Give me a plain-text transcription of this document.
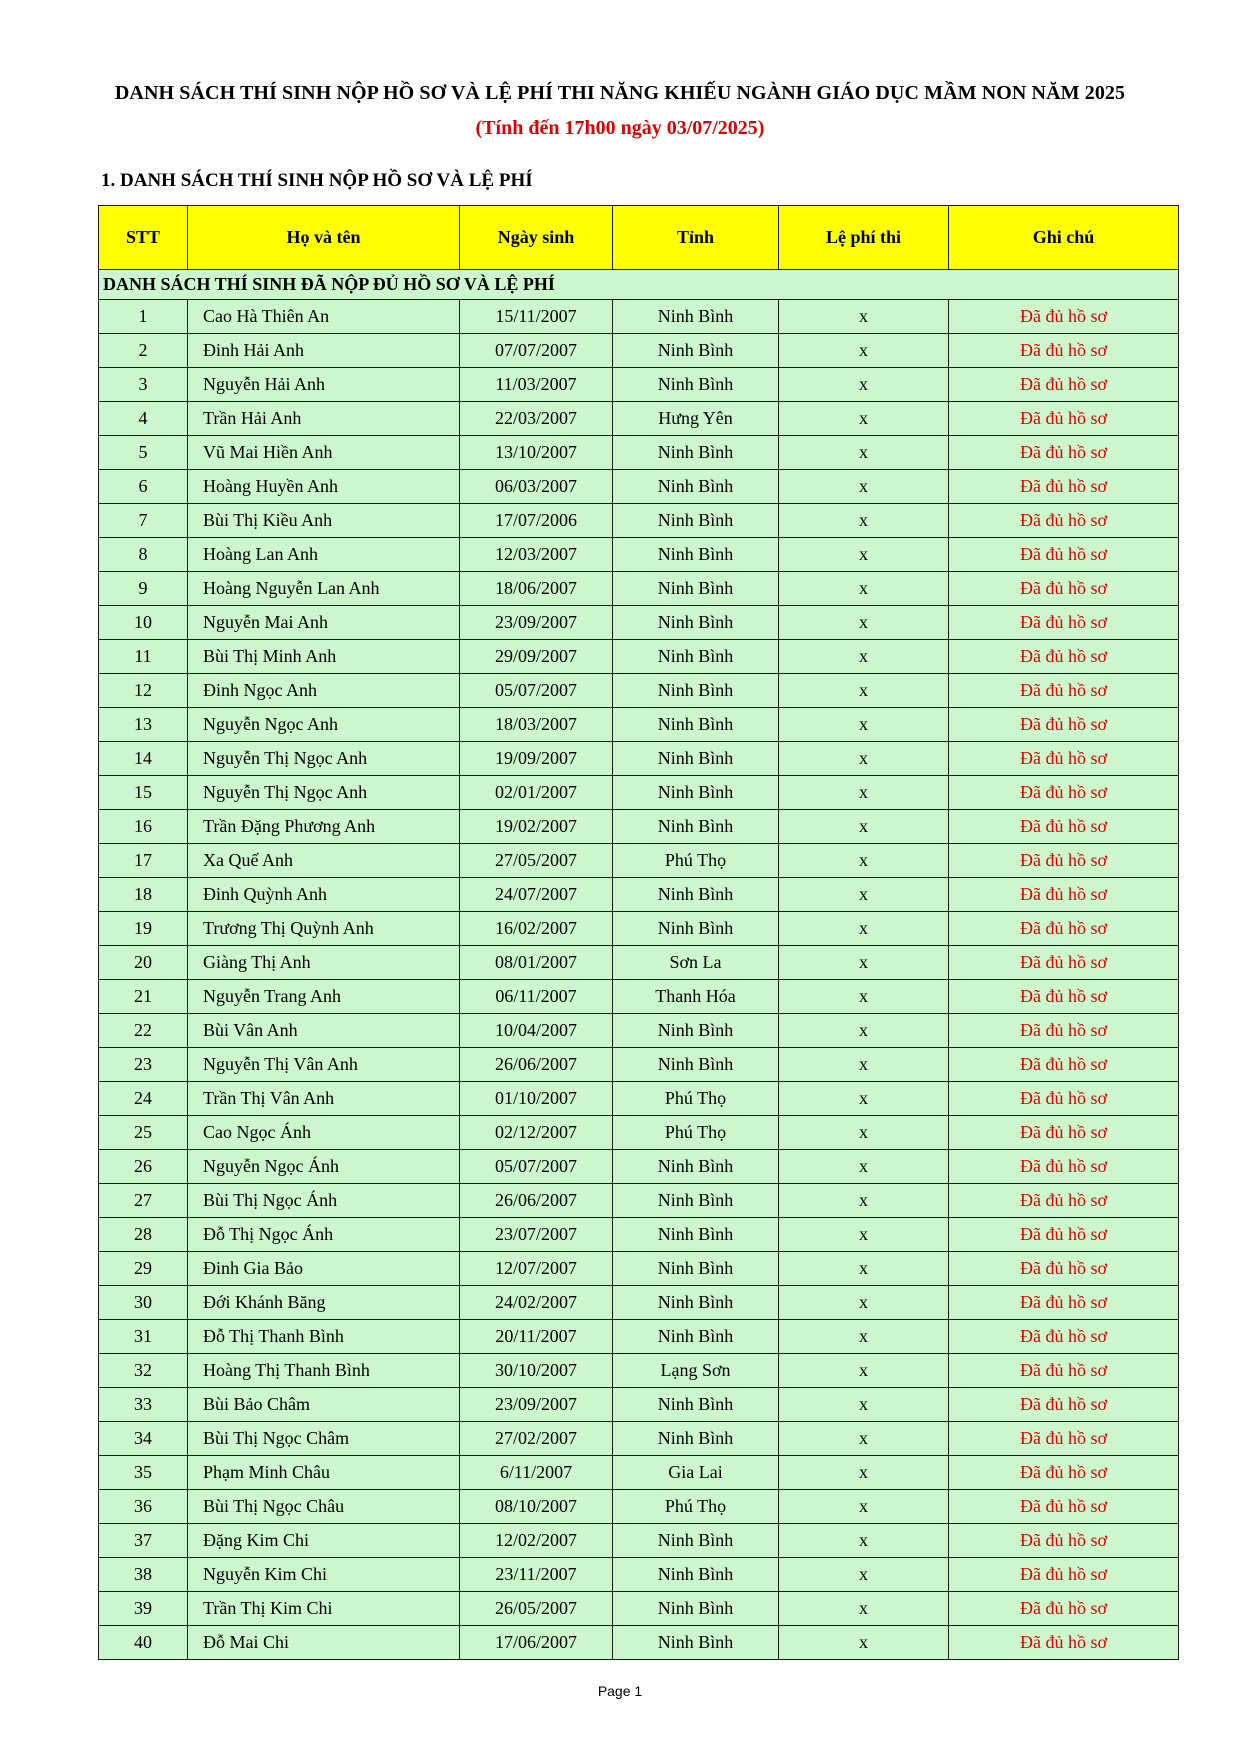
DANH SÁCH THÍ SINH NỘP HỒ SƠ VÀ LỆ PHÍ THI NĂNG KHIẾU NGÀNH GIÁO DỤC MẦM NON NĂM 2025
(Tính đến 17h00 ngày 03/07/2025)
1. DANH SÁCH THÍ SINH NỘP HỒ SƠ VÀ LỆ PHÍ
STT	Họ và tên	Ngày sinh	Tỉnh	Lệ phí thi	Ghi chú
DANH SÁCH THÍ SINH ĐÃ NỘP ĐỦ HỒ SƠ VÀ LỆ PHÍ					
1	Cao Hà Thiên An	15/11/2007	Ninh Bình	x	Đã đủ hồ sơ
2	Đinh Hải Anh	07/07/2007	Ninh Bình	x	Đã đủ hồ sơ
3	Nguyễn Hải Anh	11/03/2007	Ninh Bình	x	Đã đủ hồ sơ
4	Trần Hải Anh	22/03/2007	Hưng Yên	x	Đã đủ hồ sơ
5	Vũ Mai Hiền Anh	13/10/2007	Ninh Bình	x	Đã đủ hồ sơ
6	Hoàng Huyền Anh	06/03/2007	Ninh Bình	x	Đã đủ hồ sơ
7	Bùi Thị Kiều Anh	17/07/2006	Ninh Bình	x	Đã đủ hồ sơ
8	Hoàng Lan Anh	12/03/2007	Ninh Bình	x	Đã đủ hồ sơ
9	Hoàng Nguyễn Lan Anh	18/06/2007	Ninh Bình	x	Đã đủ hồ sơ
10	Nguyễn Mai Anh	23/09/2007	Ninh Bình	x	Đã đủ hồ sơ
11	Bùi Thị Minh Anh	29/09/2007	Ninh Bình	x	Đã đủ hồ sơ
12	Đinh Ngọc Anh	05/07/2007	Ninh Bình	x	Đã đủ hồ sơ
13	Nguyễn Ngọc Anh	18/03/2007	Ninh Bình	x	Đã đủ hồ sơ
14	Nguyễn Thị Ngọc Anh	19/09/2007	Ninh Bình	x	Đã đủ hồ sơ
15	Nguyễn Thị Ngọc Anh	02/01/2007	Ninh Bình	x	Đã đủ hồ sơ
16	Trần Đặng Phương Anh	19/02/2007	Ninh Bình	x	Đã đủ hồ sơ
17	Xa Quế Anh	27/05/2007	Phú Thọ	x	Đã đủ hồ sơ
18	Đinh Quỳnh Anh	24/07/2007	Ninh Bình	x	Đã đủ hồ sơ
19	Trương Thị Quỳnh Anh	16/02/2007	Ninh Bình	x	Đã đủ hồ sơ
20	Giàng Thị Anh	08/01/2007	Sơn La	x	Đã đủ hồ sơ
21	Nguyễn Trang Anh	06/11/2007	Thanh Hóa	x	Đã đủ hồ sơ
22	Bùi Vân Anh	10/04/2007	Ninh Bình	x	Đã đủ hồ sơ
23	Nguyễn Thị Vân Anh	26/06/2007	Ninh Bình	x	Đã đủ hồ sơ
24	Trần Thị Vân Anh	01/10/2007	Phú Thọ	x	Đã đủ hồ sơ
25	Cao Ngọc Ánh	02/12/2007	Phú Thọ	x	Đã đủ hồ sơ
26	Nguyễn Ngọc Ánh	05/07/2007	Ninh Bình	x	Đã đủ hồ sơ
27	Bùi Thị Ngọc Ánh	26/06/2007	Ninh Bình	x	Đã đủ hồ sơ
28	Đỗ Thị Ngọc Ánh	23/07/2007	Ninh Bình	x	Đã đủ hồ sơ
29	Đinh Gia Bảo	12/07/2007	Ninh Bình	x	Đã đủ hồ sơ
30	Đới Khánh Băng	24/02/2007	Ninh Bình	x	Đã đủ hồ sơ
31	Đỗ Thị Thanh Bình	20/11/2007	Ninh Bình	x	Đã đủ hồ sơ
32	Hoàng Thị Thanh Bình	30/10/2007	Lạng Sơn	x	Đã đủ hồ sơ
33	Bùi Bảo Châm	23/09/2007	Ninh Bình	x	Đã đủ hồ sơ
34	Bùi Thị Ngọc Châm	27/02/2007	Ninh Bình	x	Đã đủ hồ sơ
35	Phạm Minh Châu	6/11/2007	Gia Lai	x	Đã đủ hồ sơ
36	Bùi Thị Ngọc Châu	08/10/2007	Phú Thọ	x	Đã đủ hồ sơ
37	Đặng Kim Chi	12/02/2007	Ninh Bình	x	Đã đủ hồ sơ
38	Nguyễn Kim Chi	23/11/2007	Ninh Bình	x	Đã đủ hồ sơ
39	Trần Thị Kim Chi	26/05/2007	Ninh Bình	x	Đã đủ hồ sơ
40	Đỗ Mai Chi	17/06/2007	Ninh Bình	x	Đã đủ hồ sơ
Page 1
